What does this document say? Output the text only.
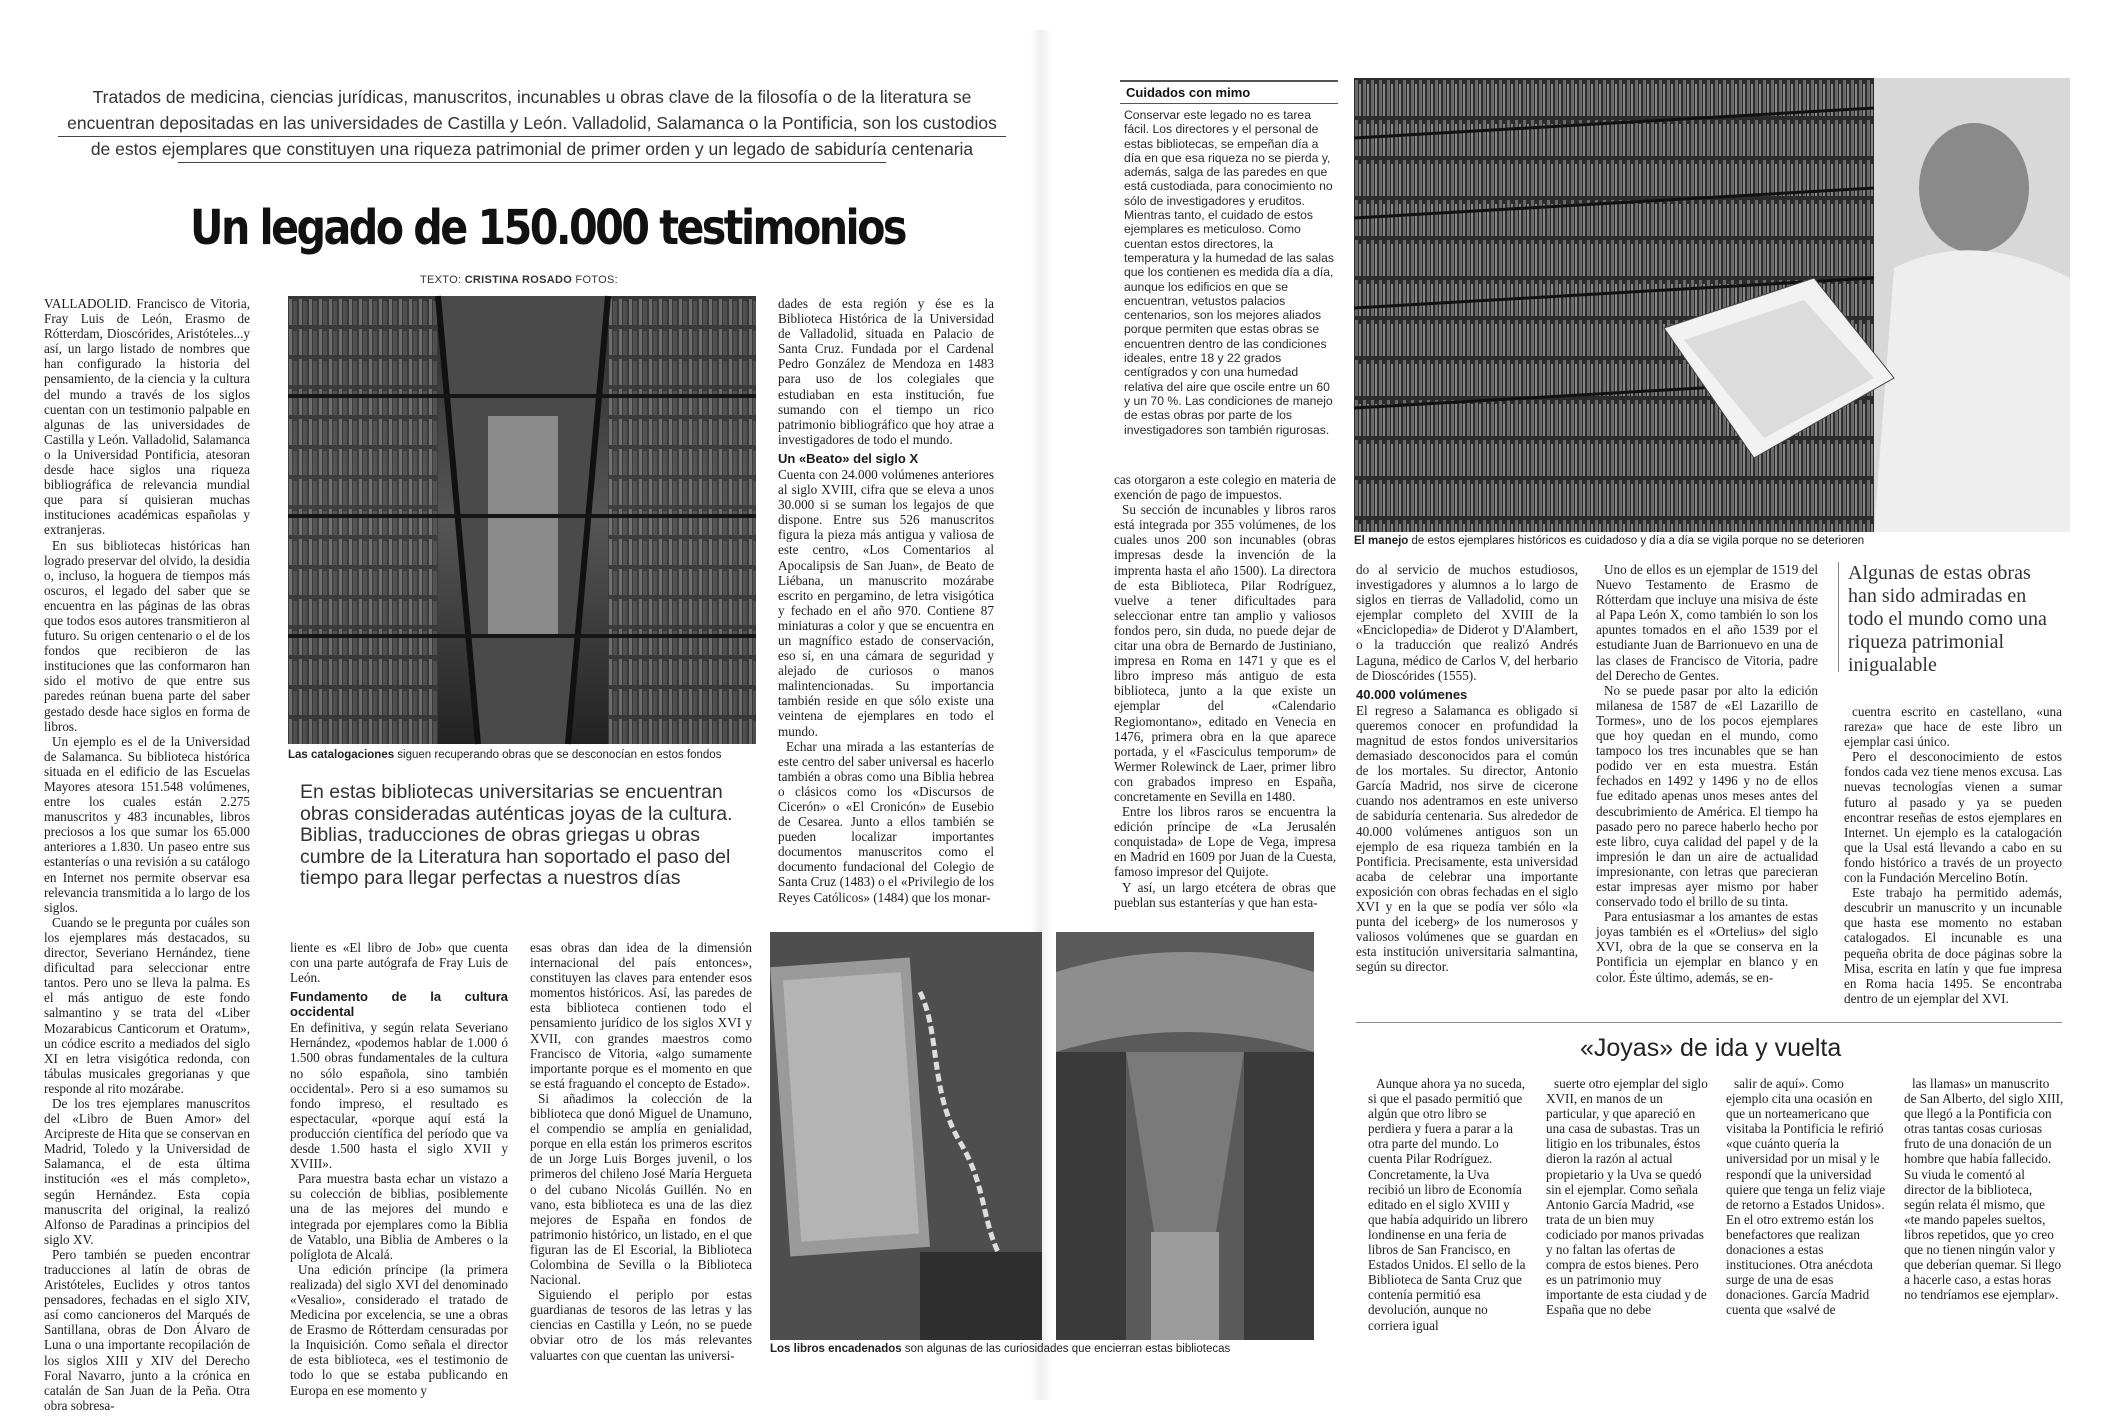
Tratados de medicina, ciencias jurídicas, manuscritos, incunables u obras clave de la filosofía o de la literatura se encuentran depositadas en las universidades de Castilla y León. Valladolid, Salamanca o la Pontificia, son los custodios de estos ejemplares que constituyen una riqueza patrimonial de primer orden y un legado de sabiduría centenaria
Un legado de 150.000 testimonios
TEXTO: CRISTINA ROSADO FOTOS:

VALLADOLID. Francisco de Vitoria, Fray Luis de León, Erasmo de Rótterdam, Dioscórides, Aristóteles...y así, un largo listado de nombres que han configurado la historia del pensamiento, de la ciencia y la cultura del mundo a través de los siglos cuentan con un testimonio palpable en algunas de las universidades de Castilla y León. Valladolid, Salamanca o la Universidad Pontificia, atesoran desde hace siglos una riqueza bibliográfica de relevancia mundial que para sí quisieran muchas instituciones académicas españolas y extranjeras.

En sus bibliotecas históricas han logrado preservar del olvido, la desidia o, incluso, la hoguera de tiempos más oscuros, el legado del saber que se encuentra en las páginas de las obras que todos esos autores transmitieron al futuro. Su origen centenario o el de los fondos que recibieron de las instituciones que las conformaron han sido el motivo de que entre sus paredes reúnan buena parte del saber gestado desde hace siglos en forma de libros.

Un ejemplo es el de la Universidad de Salamanca. Su biblioteca histórica situada en el edificio de las Escuelas Mayores atesora 151.548 volúmenes, entre los cuales están 2.275 manuscritos y 483 incunables, libros preciosos a los que sumar los 65.000 anteriores a 1.830. Un paseo entre sus estanterías o una revisión a su catálogo en Internet nos permite observar esa relevancia transmitida a lo largo de los siglos.

Cuando se le pregunta por cuáles son los ejemplares más destacados, su director, Severiano Hernández, tiene dificultad para seleccionar entre tantos. Pero uno se lleva la palma. Es el más antiguo de este fondo salmantino y se trata del «Liber Mozarabicus Canticorum et Oratum», un códice escrito a mediados del siglo XI en letra visigótica redonda, con tábulas musicales gregorianas y que responde al rito mozárabe.

De los tres ejemplares manuscritos del «Libro de Buen Amor» del Arcipreste de Hita que se conservan en Madrid, Toledo y la Universidad de Salamanca, el de esta última institución «es el más completo», según Hernández. Esta copia manuscrita del original, la realizó Alfonso de Paradinas a principios del siglo XV.

Pero también se pueden encontrar traducciones al latín de obras de Aristóteles, Euclides y otros tantos pensadores, fechadas en el siglo XIV, así como cancioneros del Marqués de Santillana, obras de Don Álvaro de Luna o una importante recopilación de los siglos XIII y XIV del Derecho Foral Navarro, junto a la crónica en catalán de San Juan de la Peña. Otra obra sobresa-

Las catalogaciones siguen recuperando obras que se desconocían en estos fondos
En estas bibliotecas universitarias se encuentran obras consideradas auténticas joyas de la cultura. Biblias, traducciones de obras griegas u obras cumbre de la Literatura han soportado el paso del tiempo para llegar perfectas a nuestros días

liente es «El libro de Job» que cuenta con una parte autógrafa de Fray Luis de León.

Fundamento de la cultura occidental

En definitiva, y según relata Severiano Hernández, «podemos hablar de 1.000 ó 1.500 obras fundamentales de la cultura no sólo española, sino también occidental». Pero si a eso sumamos su fondo impreso, el resultado es espectacular, «porque aquí está la producción científica del período que va desde 1.500 hasta el siglo XVII y XVIII».

Para muestra basta echar un vistazo a su colección de biblias, posiblemente una de las mejores del mundo e integrada por ejemplares como la Biblia de Vatablo, una Biblia de Amberes o la políglota de Alcalá.

Una edición príncipe (la primera realizada) del siglo XVI del denominado «Vesalio», considerado el tratado de Medicina por excelencia, se une a obras de Erasmo de Rótterdam censuradas por la Inquisición. Como señala el director de esta biblioteca, «es el testimonio de todo lo que se estaba publicando en Europa en ese momento y

dades de esta región y ése es la Biblioteca Histórica de la Universidad de Valladolid, situada en Palacio de Santa Cruz. Fundada por el Cardenal Pedro González de Mendoza en 1483 para uso de los colegiales que estudiaban en esta institución, fue sumando con el tiempo un rico patrimonio bibliográfico que hoy atrae a investigadores de todo el mundo.

Un «Beato» del siglo X

Cuenta con 24.000 volúmenes anteriores al siglo XVIII, cifra que se eleva a unos 30.000 si se suman los legajos de que dispone. Entre sus 526 manuscritos figura la pieza más antigua y valiosa de este centro, «Los Comentarios al Apocalipsis de San Juan», de Beato de Liébana, un manuscrito mozárabe escrito en pergamino, de letra visigótica y fechado en el año 970. Contiene 87 miniaturas a color y que se encuentra en un magnífico estado de conservación, eso sí, en una cámara de seguridad y alejado de curiosos o manos malintencionadas. Su importancia también reside en que sólo existe una veintena de ejemplares en todo el mundo.

Echar una mirada a las estanterías de este centro del saber universal es hacerlo también a obras como una Biblia hebrea o clásicos como los «Discursos de Cicerón» o «El Cronicón» de Eusebio de Cesarea. Junto a ellos también se pueden localizar importantes documentos manuscritos como el documento fundacional del Colegio de Santa Cruz (1483) o el «Privilegio de los Reyes Católicos» (1484) que los monar-

esas obras dan idea de la dimensión internacional del país entonces», constituyen las claves para entender esos momentos históricos. Así, las paredes de esta biblioteca contienen todo el pensamiento jurídico de los siglos XVI y XVII, con grandes maestros como Francisco de Vitoria, «algo sumamente importante porque es el momento en que se está fraguando el concepto de Estado».

Si añadimos la colección de la biblioteca que donó Miguel de Unamuno, el compendio se amplía en genialidad, porque en ella están los primeros escritos de un Jorge Luis Borges juvenil, o los primeros del chileno José María Hergueta o del cubano Nicolás Guillén. No en vano, esta biblioteca es una de las diez mejores de España en fondos de patrimonio histórico, un listado, en el que figuran las de El Escorial, la Biblioteca Colombina de Sevilla o la Biblioteca Nacional.

Siguiendo el periplo por estas guardianas de tesoros de las letras y las ciencias en Castilla y León, no se puede obviar otro de los más relevantes valuartes con que cuentan las universi-

cas otorgaron a este colegio en materia de exención de pago de impuestos.

Su sección de incunables y libros raros está integrada por 355 volúmenes, de los cuales unos 200 son incunables (obras impresas desde la invención de la imprenta hasta el año 1500). La directora de esta Biblioteca, Pilar Rodríguez, vuelve a tener dificultades para seleccionar entre tan amplio y valiosos fondos pero, sin duda, no puede dejar de citar una obra de Bernardo de Justiniano, impresa en Roma en 1471 y que es el libro impreso más antiguo de esta biblioteca, junto a la que existe un ejemplar del «Calendario Regiomontano», editado en Venecia en 1476, primera obra en la que aparece portada, y el «Fasciculus temporum» de Wermer Rolewinck de Laer, primer libro con grabados impreso en España, concretamente en Sevilla en 1480.

Entre los libros raros se encuentra la edición príncipe de «La Jerusalén conquistada» de Lope de Vega, impresa en Madrid en 1609 por Juan de la Cuesta, famoso impresor del Quijote.

Y así, un largo etcétera de obras que pueblan sus estanterías y que han esta-

Los libros encadenados son algunas de las curiosidades que encierran estas bibliotecas
Cuidados con mimo
Conservar este legado no es tarea fácil. Los directores y el personal de estas bibliotecas, se empeñan día a día en que esa riqueza no se pierda y, además, salga de las paredes en que está custodiada, para conocimiento no sólo de investigadores y eruditos. Mientras tanto, el cuidado de estos ejemplares es meticuloso. Como cuentan estos directores, la temperatura y la humedad de las salas que los contienen es medida día a día, aunque los edificios en que se encuentran, vetustos palacios centenarios, son los mejores aliados porque permiten que estas obras se encuentren dentro de las condiciones ideales, entre 18 y 22 grados centígrados y con una humedad relativa del aire que oscile entre un 60 y un 70 %. Las condiciones de manejo de estas obras por parte de los investigadores son también rigurosas.
El manejo de estos ejemplares históricos es cuidadoso y día a día se vigila porque no se deterioren

do al servicio de muchos estudiosos, investigadores y alumnos a lo largo de siglos en tierras de Valladolid, como un ejemplar completo del XVIII de la «Enciclopedia» de Diderot y D'Alambert, o la traducción que realizó Andrés Laguna, médico de Carlos V, del herbario de Dioscórides (1555).

40.000 volúmenes

El regreso a Salamanca es obligado si queremos conocer en profundidad la magnitud de estos fondos universitarios demasiado desconocidos para el común de los mortales. Su director, Antonio García Madrid, nos sirve de cicerone cuando nos adentramos en este universo de sabiduría centenaria. Sus alrededor de 40.000 volúmenes antiguos son un ejemplo de esa riqueza también en la Pontificia. Precisamente, esta universidad acaba de celebrar una importante exposición con obras fechadas en el siglo XVI y en la que se podía ver sólo «la punta del iceberg» de los numerosos y valiosos volúmenes que se guardan en esta institución universitaria salmantina, según su director.

Uno de ellos es un ejemplar de 1519 del Nuevo Testamento de Erasmo de Rótterdam que incluye una misiva de éste al Papa León X, como también lo son los apuntes tomados en el año 1539 por el estudiante Juan de Barrionuevo en una de las clases de Francisco de Vitoria, padre del Derecho de Gentes.

No se puede pasar por alto la edición milanesa de 1587 de «El Lazarillo de Tormes», uno de los pocos ejemplares que hoy quedan en el mundo, como tampoco los tres incunables que se han podido ver en esta muestra. Están fechados en 1492 y 1496 y no de ellos fue editado apenas unos meses antes del descubrimiento de América. El tiempo ha pasado pero no parece haberlo hecho por este libro, cuya calidad del papel y de la impresión le dan un aire de actualidad impresionante, con letras que parecieran estar impresas ayer mismo por haber conservado todo el brillo de su tinta.

Para entusiasmar a los amantes de estas joyas también es el «Ortelius» del siglo XVI, obra de la que se conserva en la Pontificia un ejemplar en blanco y en color. Éste último, además, se en-

Algunas de estas obras han sido admiradas en todo el mundo como una riqueza patrimonial inigualable

cuentra escrito en castellano, «una rareza» que hace de este libro un ejemplar casi único.

Pero el desconocimiento de estos fondos cada vez tiene menos excusa. Las nuevas tecnologías vienen a sumar futuro al pasado y ya se pueden encontrar reseñas de estos ejemplares en Internet. Un ejemplo es la catalogación que la Usal está llevando a cabo en su fondo histórico a través de un proyecto con la Fundación Mercelino Botín.

Este trabajo ha permitido además, descubrir un manuscrito y un incunable que hasta ese momento no estaban catalogados. El incunable es una pequeña obrita de doce páginas sobre la Misa, escrita en latín y que fue impresa en Roma hacia 1495. Se encontraba dentro de un ejemplar del XVI.

«Joyas» de ida y vuelta

Aunque ahora ya no suceda, si que el pasado permitió que algún que otro libro se perdiera y fuera a parar a la otra parte del mundo. Lo cuenta Pilar Rodríguez. Concretamente, la Uva recibió un libro de Economía editado en el siglo XVIII y que había adquirido un librero londinense en una feria de libros de San Francisco, en Estados Unidos. El sello de la Biblioteca de Santa Cruz que contenía permitió esa devolución, aunque no corriera igual

suerte otro ejemplar del siglo XVII, en manos de un particular, y que apareció en una casa de subastas. Tras un litigio en los tribunales, éstos dieron la razón al actual propietario y la Uva se quedó sin el ejemplar. Como señala Antonio García Madrid, «se trata de un bien muy codiciado por manos privadas y no faltan las ofertas de compra de estos bienes. Pero es un patrimonio muy importante de esta ciudad y de España que no debe

salir de aquí». Como ejemplo cita una ocasión en que un norteamericano que visitaba la Pontificia le refirió «que cuánto quería la universidad por un misal y le respondí que la universidad quiere que tenga un feliz viaje de retorno a Estados Unidos». En el otro extremo están los benefactores que realizan donaciones a estas instituciones. Otra anécdota surge de una de esas donaciones. García Madrid cuenta que «salvé de

las llamas» un manuscrito de San Alberto, del siglo XIII, que llegó a la Pontificia con otras tantas cosas curiosas fruto de una donación de un hombre que había fallecido. Su viuda le comentó al director de la biblioteca, según relata él mismo, que «te mando papeles sueltos, libros repetidos, que yo creo que no tienen ningún valor y que deberían quemar. Si llego a hacerle caso, a estas horas no tendríamos ese ejemplar».
